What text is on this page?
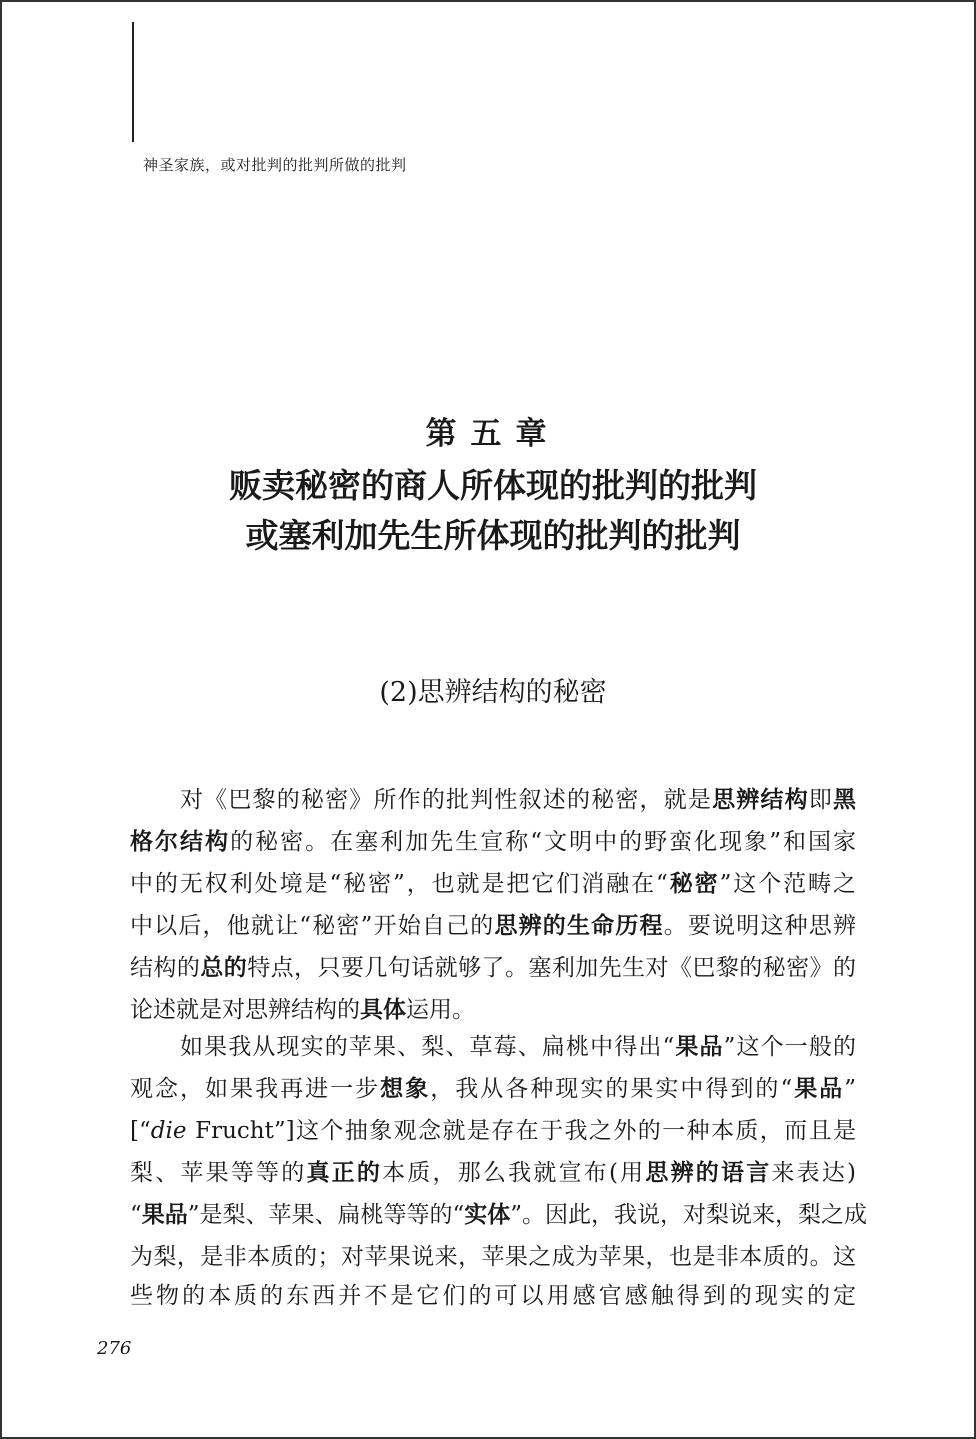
神圣家族，或对批判的批判所做的批判
第五章
贩卖秘密的商人所体现的批判的批判
或塞利加先生所体现的批判的批判
(2)思辨结构的秘密
对《巴黎的秘密》所作的批判性叙述的秘密，就是思辨结构即黑
格尔结构的秘密。在塞利加先生宣称“文明中的野蛮化现象”和国家
中的无权利处境是“秘密”，也就是把它们消融在“秘密”这个范畴之
中以后，他就让“秘密”开始自己的思辨的生命历程。要说明这种思辨
结构的总的特点，只要几句话就够了。塞利加先生对《巴黎的秘密》的
论述就是对思辨结构的具体运用。
如果我从现实的苹果、梨、草莓、扁桃中得出“果品”这个一般的
观念，如果我再进一步想象，我从各种现实的果实中得到的“果品”
[“die Frucht”]这个抽象观念就是存在于我之外的一种本质，而且是
梨、苹果等等的真正的本质，那么我就宣布(用思辨的语言来表达)
“果品”是梨、苹果、扁桃等等的“实体”。因此，我说，对梨说来，梨之成
为梨，是非本质的；对苹果说来，苹果之成为苹果，也是非本质的。这
些物的本质的东西并不是它们的可以用感官感触得到的现实的定
276
